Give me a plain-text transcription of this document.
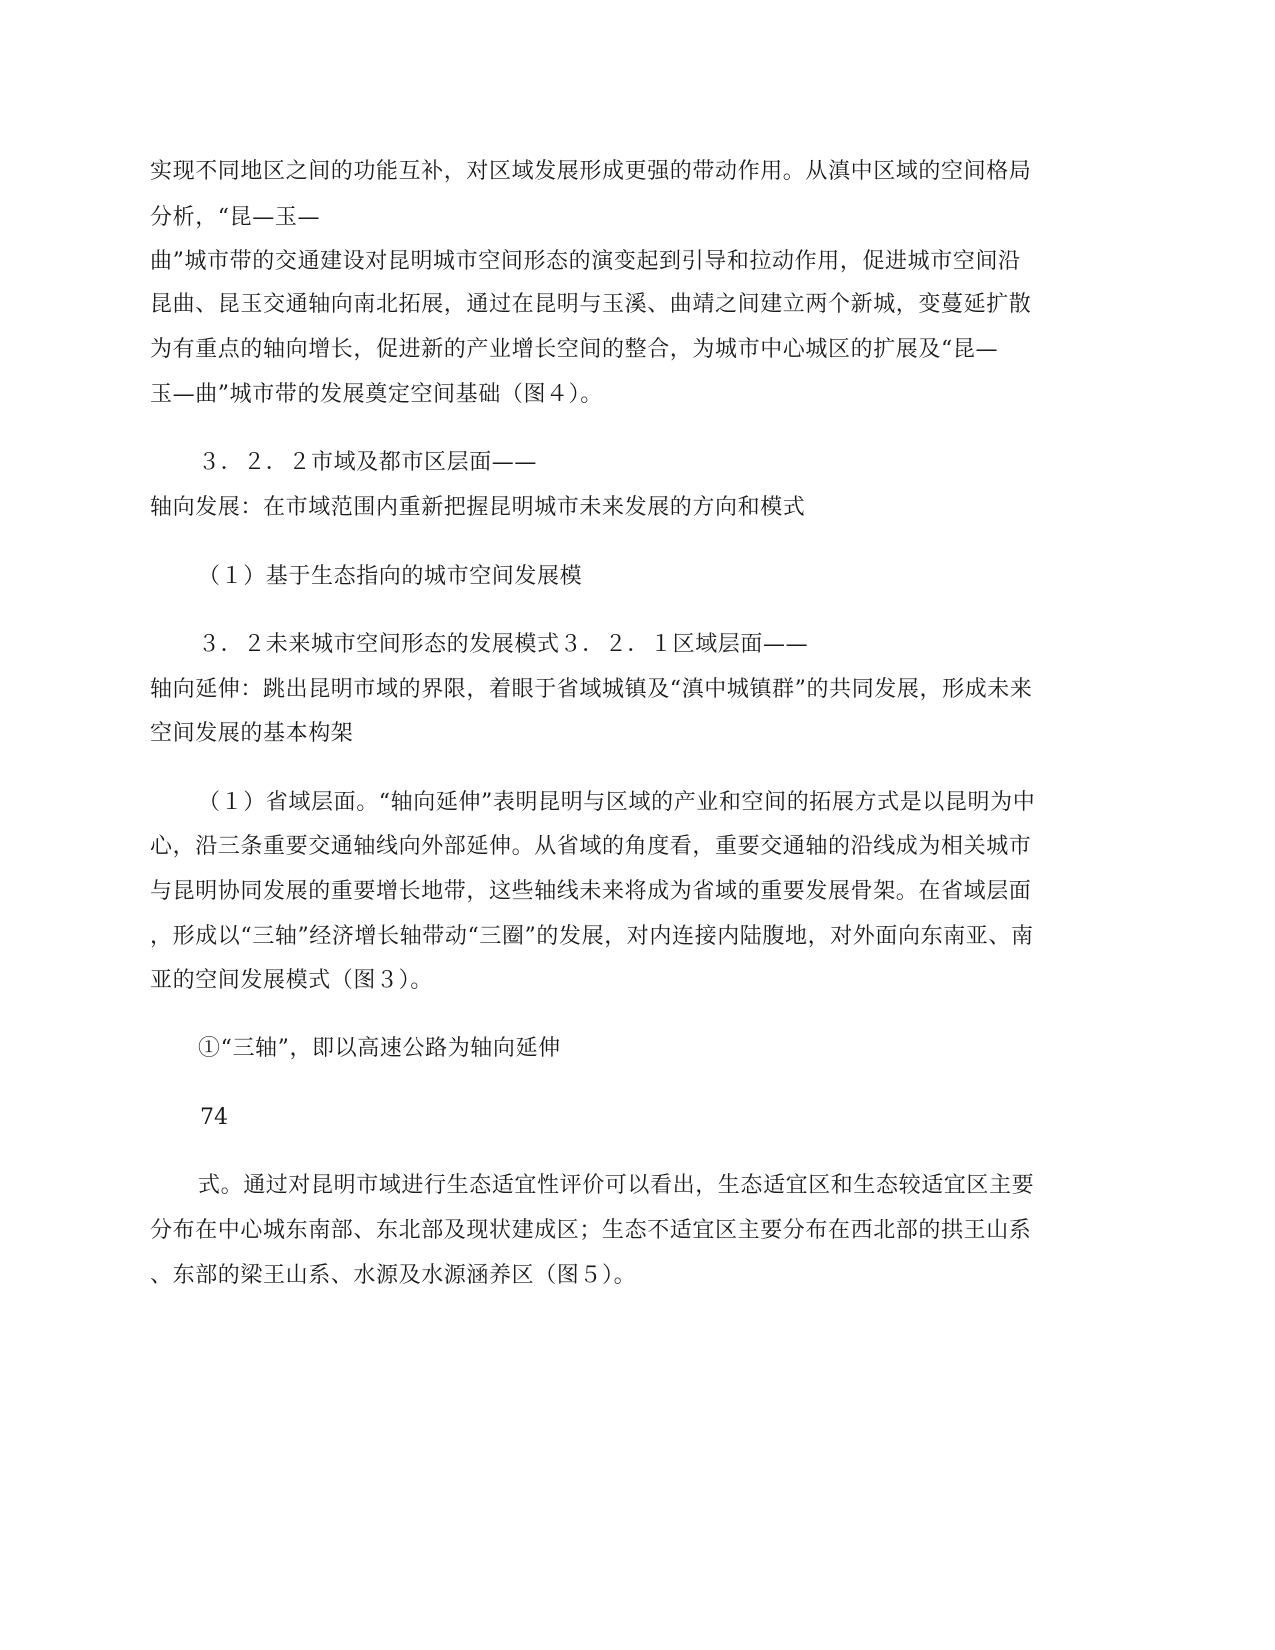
实现不同地区之间的功能互补，对区域发展形成更强的带动作用。从滇中区域的空间格局
分析，“昆—玉—
曲”城市带的交通建设对昆明城市空间形态的演变起到引导和拉动作用，促进城市空间沿
昆曲、昆玉交通轴向南北拓展，通过在昆明与玉溪、曲靖之间建立两个新城，变蔓延扩散
为有重点的轴向增长，促进新的产业增长空间的整合，为城市中心城区的扩展及“昆—
玉—曲”城市带的发展奠定空间基础（图４）。
３．２．２市域及都市区层面——
轴向发展：在市域范围内重新把握昆明城市未来发展的方向和模式
（１）基于生态指向的城市空间发展模
３．２未来城市空间形态的发展模式３．２．１区域层面——
轴向延伸：跳出昆明市域的界限，着眼于省域城镇及“滇中城镇群”的共同发展，形成未来
空间发展的基本构架
（１）省域层面。“轴向延伸”表明昆明与区域的产业和空间的拓展方式是以昆明为中
心，沿三条重要交通轴线向外部延伸。从省域的角度看，重要交通轴的沿线成为相关城市
与昆明协同发展的重要增长地带，这些轴线未来将成为省域的重要发展骨架。在省域层面
，形成以“三轴”经济增长轴带动“三圈”的发展，对内连接内陆腹地，对外面向东南亚、南
亚的空间发展模式（图３）。
①“三轴”，即以高速公路为轴向延伸
74
式。通过对昆明市域进行生态适宜性评价可以看出，生态适宜区和生态较适宜区主要
分布在中心城东南部、东北部及现状建成区；生态不适宜区主要分布在西北部的拱王山系
、东部的梁王山系、水源及水源涵养区（图５）。
